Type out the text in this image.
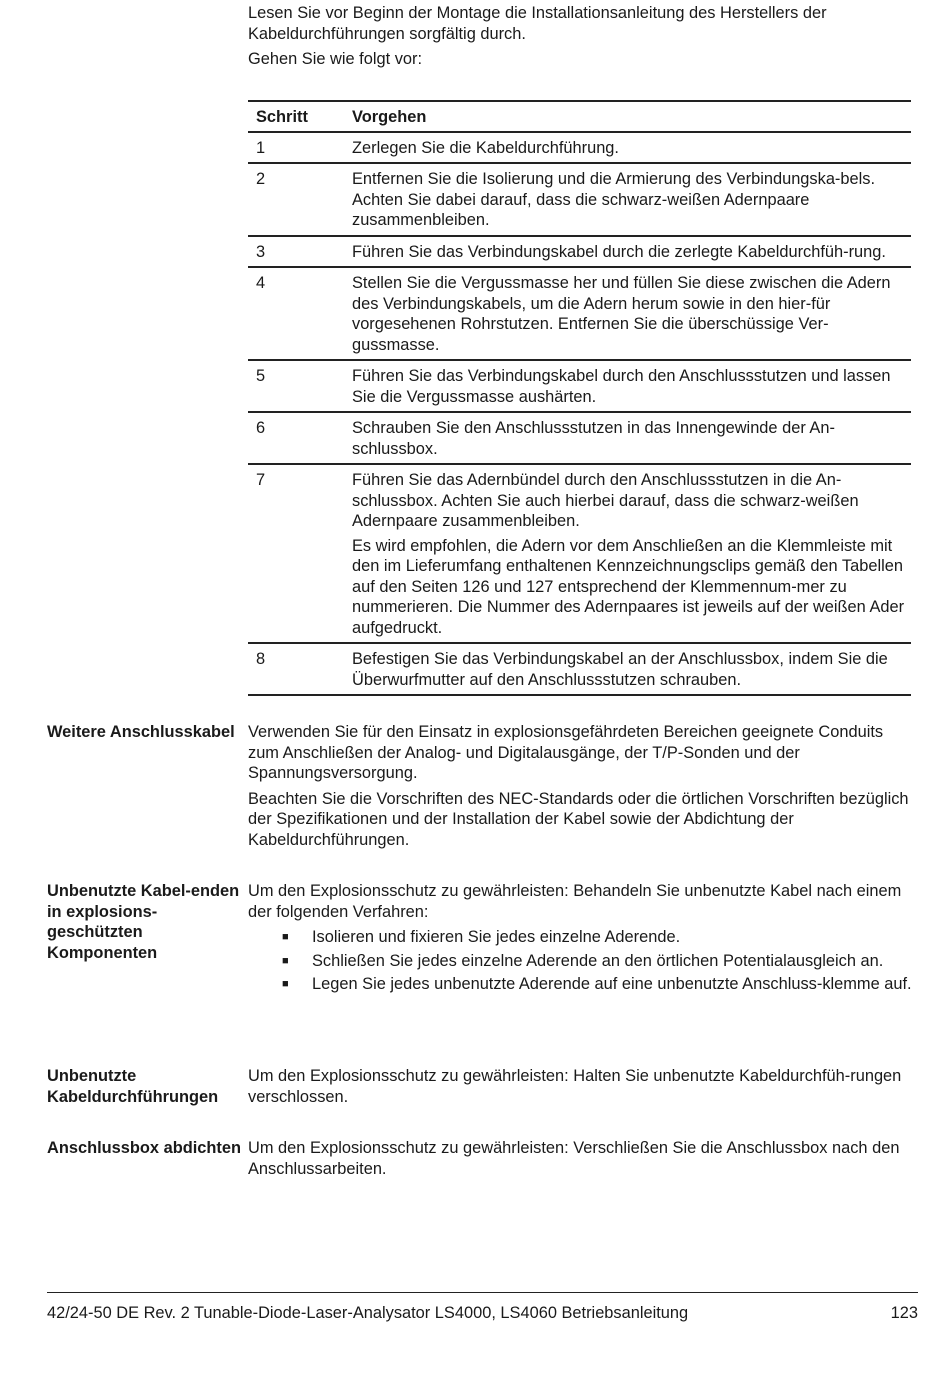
Lesen Sie vor Beginn der Montage die Installationsanleitung des Herstellers der Kabeldurchführungen sorgfältig durch.

Gehen Sie wie folgt vor:

Schritt	Vorgehen
1	Zerlegen Sie die Kabeldurchführung.
2	Entfernen Sie die Isolierung und die Armierung des Verbindungska-bels. Achten Sie dabei darauf, dass die schwarz-weißen Adernpaare zusammenbleiben.
3	Führen Sie das Verbindungskabel durch die zerlegte Kabeldurchfüh-rung.
4	Stellen Sie die Vergussmasse her und füllen Sie diese zwischen die Adern des Verbindungskabels, um die Adern herum sowie in den hier-für vorgesehenen Rohrstutzen. Entfernen Sie die überschüssige Ver-gussmasse.
5	Führen Sie das Verbindungskabel durch den Anschlussstutzen und lassen Sie die Vergussmasse aushärten.
6	Schrauben Sie den Anschlussstutzen in das Innengewinde der An-schlussbox.
7	Führen Sie das Adernbündel durch den Anschlussstutzen in die An-schlussbox. Achten Sie auch hierbei darauf, dass die schwarz-weißen Adernpaare zusammenbleiben.

Es wird empfohlen, die Adern vor dem Anschließen an die Klemmleiste mit den im Lieferumfang enthaltenen Kennzeichnungsclips gemäß den Tabellen auf den Seiten 126 und 127 entsprechend der Klemmennum-mer zu nummerieren. Die Nummer des Adernpaares ist jeweils auf der weißen Ader aufgedruckt.

8	Befestigen Sie das Verbindungskabel an der Anschlussbox, indem Sie die Überwurfmutter auf den Anschlussstutzen schrauben.
Weitere Anschlusskabel Verwenden Sie für den Einsatz in explosionsgefährdeten Bereichen geeignete Conduits zum Anschließen der Analog- und Digitalausgänge, der T/P-Sonden und der Spannungsversorgung.

Beachten Sie die Vorschriften des NEC-Standards oder die örtlichen Vorschriften bezüglich der Spezifikationen und der Installation der Kabel sowie der Abdichtung der Kabeldurchführungen.

Unbenutzte Kabel-enden in explosions-geschützten Komponenten

Um den Explosionsschutz zu gewährleisten: Behandeln Sie unbenutzte Kabel nach einem der folgenden Verfahren:

■ Isolieren und fixieren Sie jedes einzelne Aderende.
■ Schließen Sie jedes einzelne Aderende an den örtlichen Potentialausgleich an.
■ Legen Sie jedes unbenutzte Aderende auf eine unbenutzte Anschluss-klemme auf.
Unbenutzte Kabeldurchführungen

Um den Explosionsschutz zu gewährleisten: Halten Sie unbenutzte Kabeldurchfüh-rungen verschlossen.

Anschlussbox abdichten Um den Explosionsschutz zu gewährleisten: Verschließen Sie die Anschlussbox nach den Anschlussarbeiten.

42/24-50 DE Rev. 2 Tunable-Diode-Laser-Analysator LS4000, LS4060 Betriebsanleitung	123
